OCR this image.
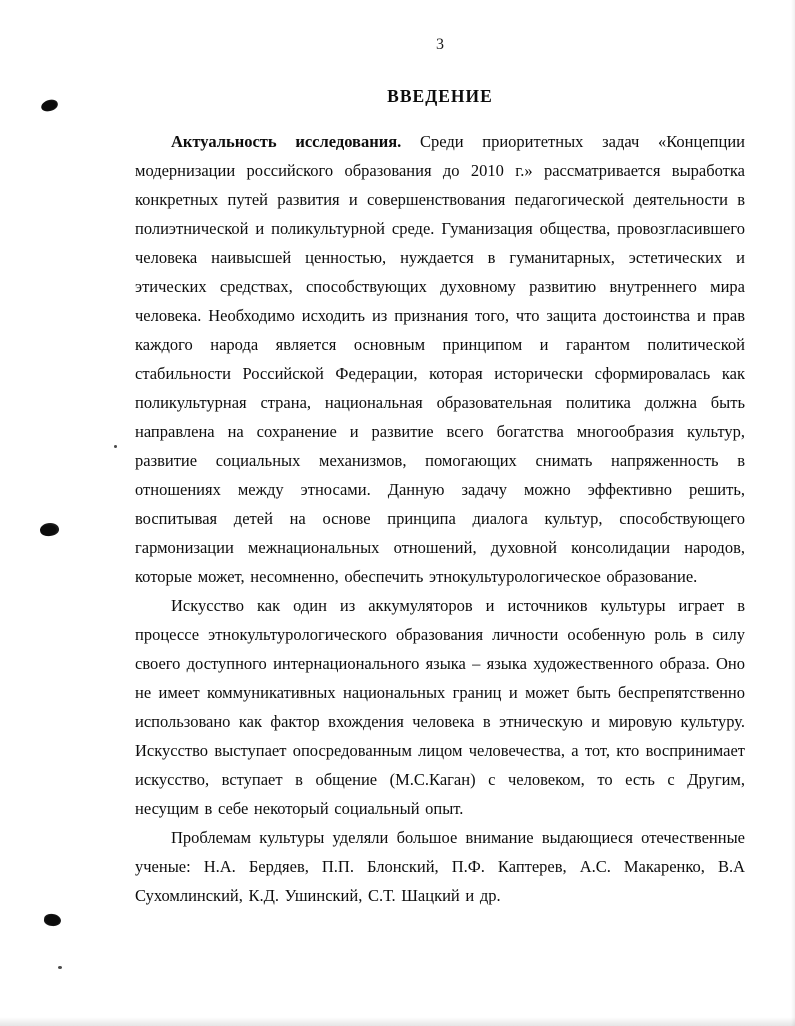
3
ВВЕДЕНИЕ

Актуальность исследования. Среди приоритетных задач «Концепции модернизации российского образования до 2010 г.» рассматривается выработка конкретных путей развития и совершенствования педагогической деятельности в полиэтнической и поликультурной среде. Гуманизация общества, провозгласившего человека наивысшей ценностью, нуждается в гуманитарных, эстетических и этических средствах, способствующих духовному развитию внутреннего мира человека. Необходимо исходить из признания того, что защита достоинства и прав каждого народа является основным принципом и гарантом политической стабильности Российской Федерации, которая исторически сформировалась как поликультурная страна, национальная образовательная политика должна быть направлена на сохранение и развитие всего богатства многообразия культур, развитие социальных механизмов, помогающих снимать напряженность в отношениях между этносами. Данную задачу можно эффективно решить, воспитывая детей на основе принципа диалога культур, способствующего гармонизации межнациональных отношений, духовной консолидации народов, которые может, несомненно, обеспечить этнокультурологическое образование.

Искусство как один из аккумуляторов и источников культуры играет в процессе этнокультурологического образования личности особенную роль в силу своего доступного интернационального языка – языка художественного образа. Оно не имеет коммуникативных национальных границ и может быть беспрепятственно использовано как фактор вхождения человека в этническую и мировую культуру. Искусство выступает опосредованным лицом человечества, а тот, кто воспринимает искусство, вступает в общение (М.С.Каган) с человеком, то есть с Другим, несущим в себе некоторый социальный опыт.

Проблемам культуры уделяли большое внимание выдающиеся отечественные ученые: Н.А. Бердяев, П.П. Блонский, П.Ф. Каптерев, А.С. Макаренко, В.А Сухомлинский, К.Д. Ушинский, С.Т. Шацкий и др.
